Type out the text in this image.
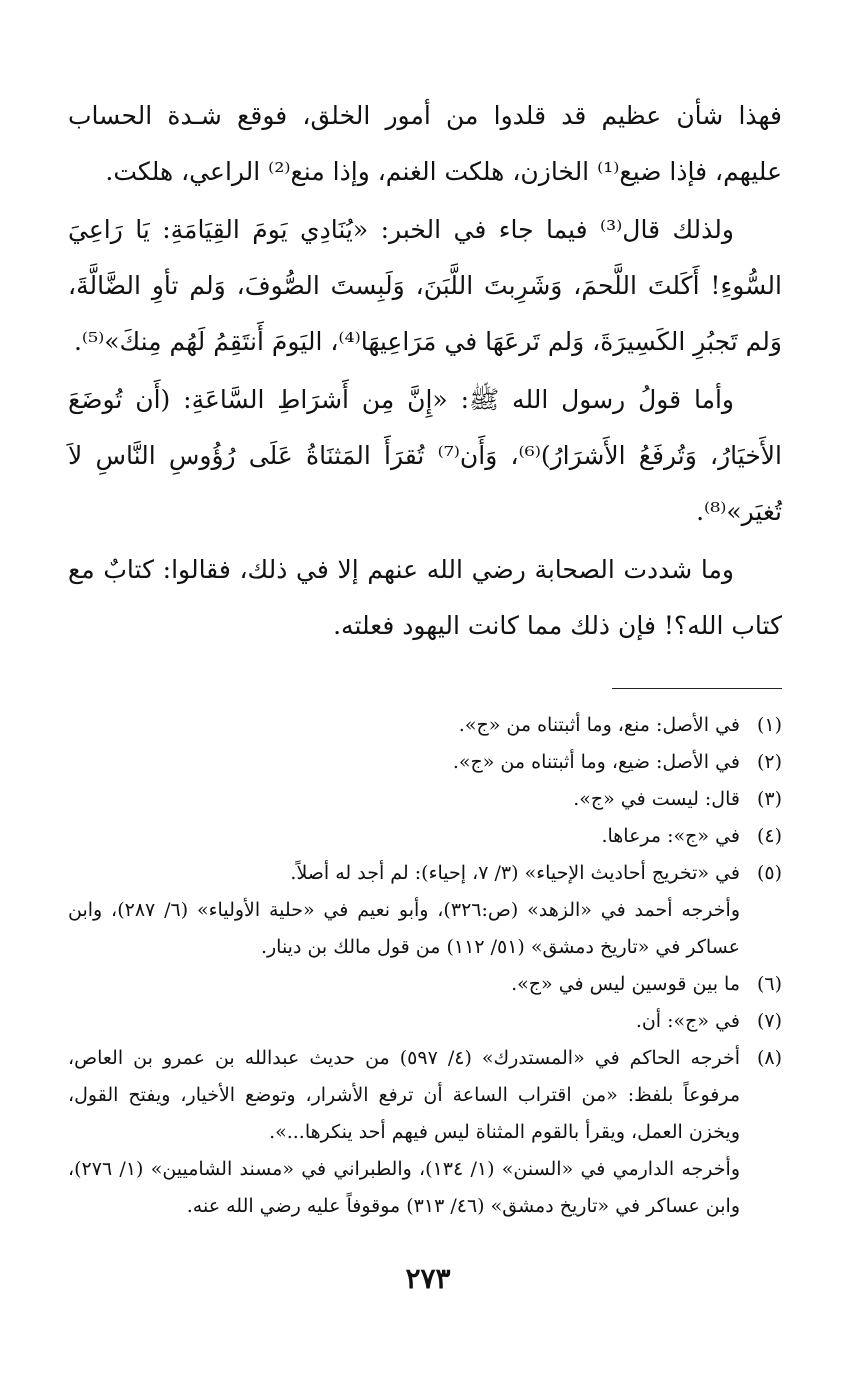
فهذا شأن عظيم قد قلدوا من أمور الخلق، فوقع شـدة الحساب عليهم، فإذا ضيع⁽¹⁾ الخازن، هلكت الغنم، وإذا منع⁽²⁾ الراعي، هلكت.

ولذلك قال⁽³⁾ فيما جاء في الخبر: «يُنَادِي يَومَ القِيَامَةِ: يَا رَاعِيَ السُّوءِ! أَكَلتَ اللَّحمَ، وَشَرِبتَ اللَّبَنَ، وَلَبِستَ الصُّوفَ، وَلم تأوِ الضَّالَّةَ، وَلم تَجبُرِ الكَسِيرَةَ، وَلم تَرعَهَا في مَرَاعِيهَا⁽⁴⁾، اليَومَ أَنتَقِمُ لَهُم مِنكَ»⁽⁵⁾.

وأما قولُ رسول الله ﷺ: «إِنَّ مِن أَشرَاطِ السَّاعَةِ: (أَن تُوضَعَ الأَخيَارُ، وَتُرفَعُ الأَشرَارُ)⁽⁶⁾، وَأَن⁽⁷⁾ تُقرَأَ المَثنَاةُ عَلَى رُؤُوسِ النَّاسِ لاَ تُغيَر»⁽⁸⁾.

وما شددت الصحابة رضي الله عنهم إلا في ذلك، فقالوا: كتابٌ مع كتاب الله؟! فإن ذلك مما كانت اليهود فعلته.

(١)
في الأصل: منع، وما أثبتناه من «ج».
(٢)
في الأصل: ضيع، وما أثبتناه من «ج».
(٣)
قال: ليست في «ج».
(٤)
في «ج»: مرعاها.
(٥)
في «تخريج أحاديث الإحياء» (٣/ ٧، إحياء): لم أجد له أصلاً.
وأخرجه أحمد في «الزهد» (ص:٣٢٦)، وأبو نعيم في «حلية الأولياء» (٦/ ٢٨٧)، وابن عساكر في «تاريخ دمشق» (٥١/ ١١٢) من قول مالك بن دينار.
(٦)
ما بين قوسين ليس في «ج».
(٧)
في «ج»: أن.
(٨)
أخرجه الحاكم في «المستدرك» (٤/ ٥٩٧) من حديث عبدالله بن عمرو بن العاص، مرفوعاً بلفظ: «من اقتراب الساعة أن ترفع الأشرار، وتوضع الأخيار، ويفتح القول، ويخزن العمل، ويقرأ بالقوم المثناة ليس فيهم أحد ينكرها...».
وأخرجه الدارمي في «السنن» (١/ ١٣٤)، والطبراني في «مسند الشاميين» (١/ ٢٧٦)، وابن عساكر في «تاريخ دمشق» (٤٦/ ٣١٣) موقوفاً عليه رضي الله عنه.
٢٧٣
